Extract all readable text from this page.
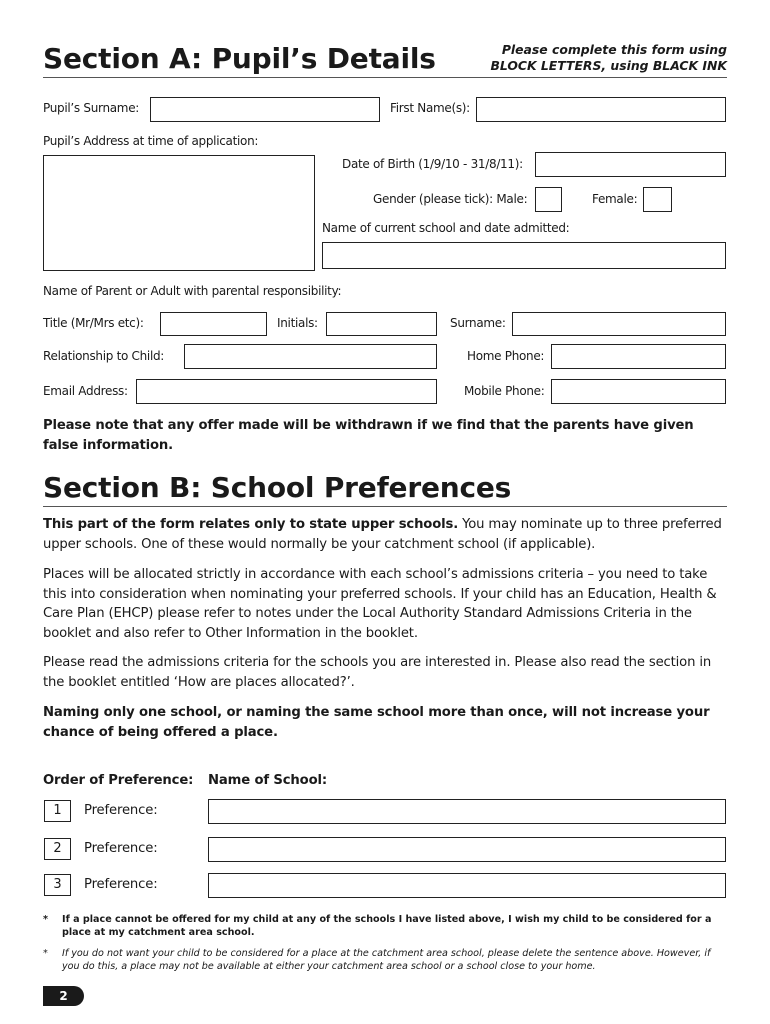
Section A: Pupil’s Details	Please complete this form using
BLOCK LETTERS, using BLACK INK
Pupil’s Surname:	First Name(s):
Pupil’s Address at time of application:
Date of Birth (1/9/10 - 31/8/11):
Gender (please tick): Male:	Female:
Name of current school and date admitted:
Name of Parent or Adult with parental responsibility:
Title (Mr/Mrs etc):	Initials:	Surname:
Relationship to Child:	Home Phone:
Email Address:	Mobile Phone:
Please note that any offer made will be withdrawn if we find that the parents have given
false information.
Section B: School Preferences
This part of the form relates only to state upper schools. You may nominate up to three preferred upper schools. One of these would normally be your catchment school (if applicable).
Places will be allocated strictly in accordance with each school’s admissions criteria – you need to take this into consideration when nominating your preferred schools. If your child has an Education, Health & Care Plan (EHCP) please refer to notes under the Local Authority Standard Admissions Criteria in the booklet and also refer to Other Information in the booklet.
Please read the admissions criteria for the schools you are interested in. Please also read the section in the booklet entitled ‘How are places allocated?’.
Naming only one school, or naming the same school more than once, will not increase your chance of being offered a place.
Order of Preference: Name of School:
1	Preference:
2	Preference:
3	Preference:
* If a place cannot be offered for my child at any of the schools I have listed above, I wish my child to be considered for a place at my catchment area school.
* If you do not want your child to be considered for a place at the catchment area school, please delete the sentence above. However, if you do this, a place may not be available at either your catchment area school or a school close to your home.
2
